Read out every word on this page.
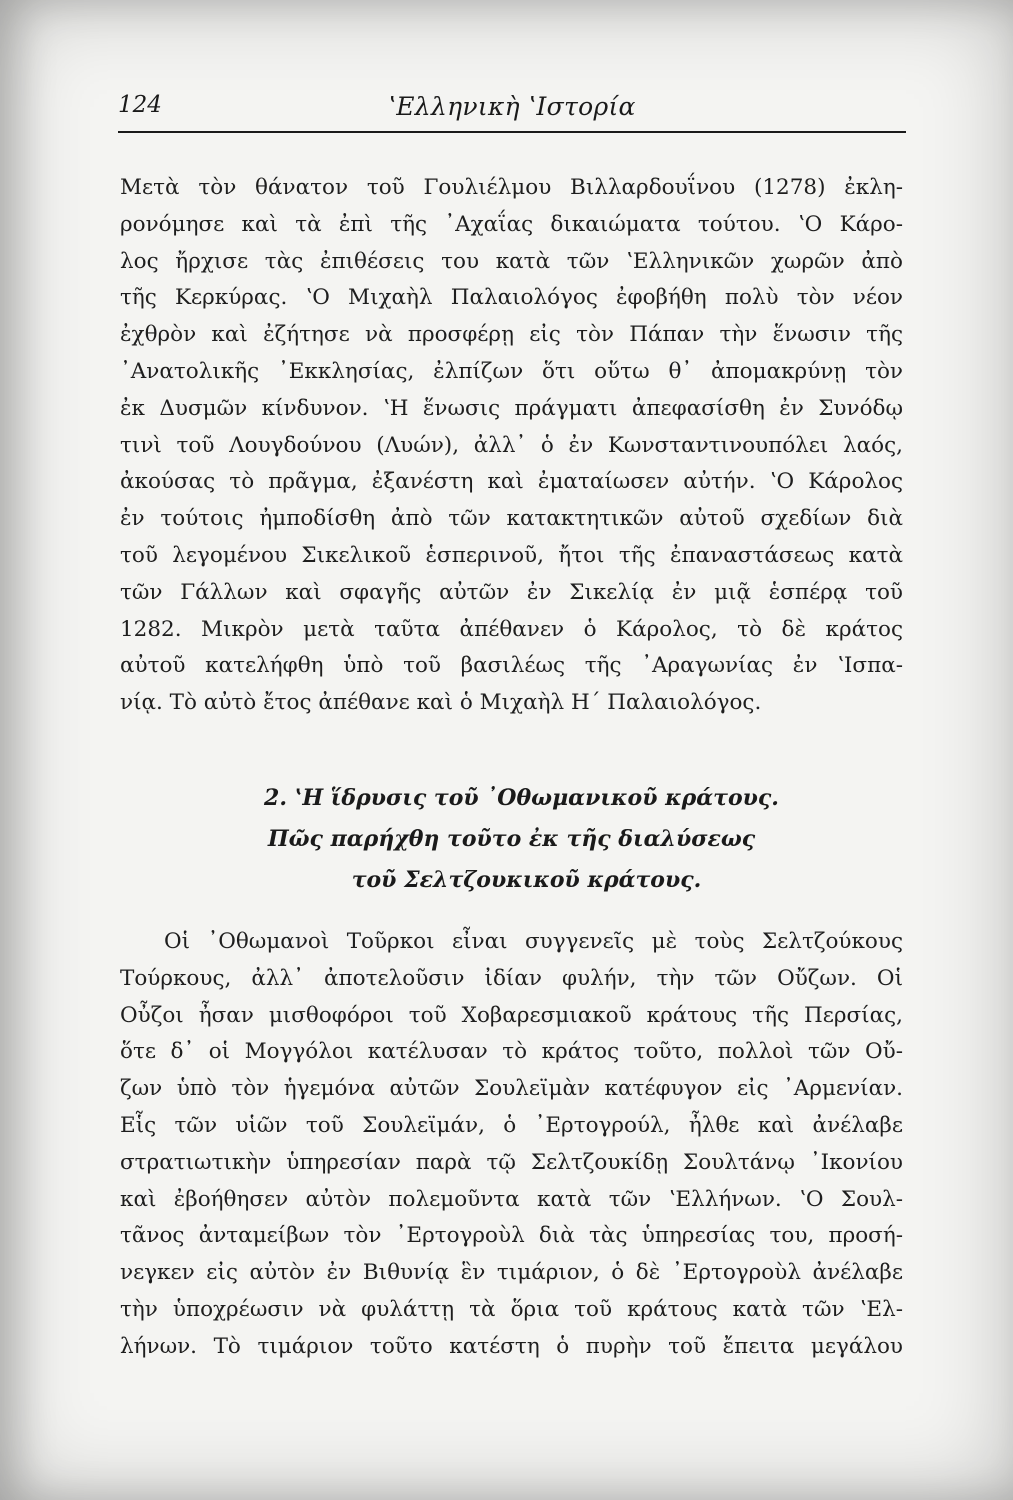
124	ʽΕλληνικὴ ʽΙστορία
Μετὰ τὸν θάνατον τοῦ Γουλιέλμου Βιλλαρδουΐνου (1278) ἐκλη-
ρονόμησε καὶ τὰ ἐπὶ τῆς ᾿Αχαΐας δικαιώματα τούτου. ʽΟ Κάρο-
λος ἤρχισε τὰς ἐπιθέσεις του κατὰ τῶν ʽΕλληνικῶν χωρῶν ἀπὸ
τῆς Κερκύρας. ʽΟ Μιχαὴλ Παλαιολόγος ἐφοβήθη πολὺ τὸν νέον
ἐχθρὸν καὶ ἐζήτησε νὰ προσφέρῃ εἰς τὸν Πάπαν τὴν ἕνωσιν τῆς
᾿Ανατολικῆς ᾿Εκκλησίας, ἐλπίζων ὅτι οὕτω θ᾿ ἀπομακρύνῃ τὸν
ἐκ Δυσμῶν κίνδυνον. ʽΗ ἕνωσις πράγματι ἀπεφασίσθη ἐν Συνόδῳ
τινὶ τοῦ Λουγδούνου (Λυών), ἀλλ᾿ ὁ ἐν Κωνσταντινουπόλει λαός,
ἀκούσας τὸ πρᾶγμα, ἐξανέστη καὶ ἐματαίωσεν αὐτήν. ʽΟ Κάρολος
ἐν τούτοις ἠμποδίσθη ἀπὸ τῶν κατακτητικῶν αὐτοῦ σχεδίων διὰ
τοῦ λεγομένου Σικελικοῦ ἑσπερινοῦ, ἤτοι τῆς ἐπαναστάσεως κατὰ
τῶν Γάλλων καὶ σφαγῆς αὐτῶν ἐν Σικελίᾳ ἐν μιᾷ ἑσπέρᾳ τοῦ
1282. Μικρὸν μετὰ ταῦτα ἀπέθανεν ὁ Κάρολος, τὸ δὲ κράτος
αὐτοῦ κατελήφθη ὑπὸ τοῦ βασιλέως τῆς ᾿Αραγωνίας ἐν ʽΙσπα-
νίᾳ. Τὸ αὐτὸ ἔτος ἀπέθανε καὶ ὁ Μιχαὴλ Η´ Παλαιολόγος.
2. ʽΗ ἵδρυσις τοῦ ᾿Οθωμανικοῦ κράτους.
Πῶς παρήχθη τοῦτο ἐκ τῆς διαλύσεως
τοῦ Σελτζουκικοῦ κράτους.
Οἱ ᾿Οθωμανοὶ Τοῦρκοι εἶναι συγγενεῖς μὲ τοὺς Σελτζούκους
Τούρκους, ἀλλ᾿ ἀποτελοῦσιν ἰδίαν φυλήν, τὴν τῶν Οὔζων. Οἱ
Οὖζοι ἦσαν μισθοφόροι τοῦ Χοβαρεσμιακοῦ κράτους τῆς Περσίας,
ὅτε δ᾿ οἱ Μογγόλοι κατέλυσαν τὸ κράτος τοῦτο, πολλοὶ τῶν Οὔ-
ζων ὑπὸ τὸν ἡγεμόνα αὐτῶν Σουλεϊμὰν κατέφυγον εἰς ᾿Αρμενίαν.
Εἷς τῶν υἱῶν τοῦ Σουλεϊμάν, ὁ ᾿Ερτογρούλ, ἦλθε καὶ ἀνέλαβε
στρατιωτικὴν ὑπηρεσίαν παρὰ τῷ Σελτζουκίδῃ Σουλτάνῳ ᾿Ικονίου
καὶ ἐβοήθησεν αὐτὸν πολεμοῦντα κατὰ τῶν ʽΕλλήνων. ʽΟ Σουλ-
τᾶνος ἀνταμείβων τὸν ᾿Ερτογροὺλ διὰ τὰς ὑπηρεσίας του, προσή-
νεγκεν εἰς αὐτὸν ἐν Βιθυνίᾳ ἓν τιμάριον, ὁ δὲ ᾿Ερτογροὺλ ἀνέλαβε
τὴν ὑποχρέωσιν νὰ φυλάττῃ τὰ ὅρια τοῦ κράτους κατὰ τῶν ʽΕλ-
λήνων. Τὸ τιμάριον τοῦτο κατέστη ὁ πυρὴν τοῦ ἔπειτα μεγάλου
